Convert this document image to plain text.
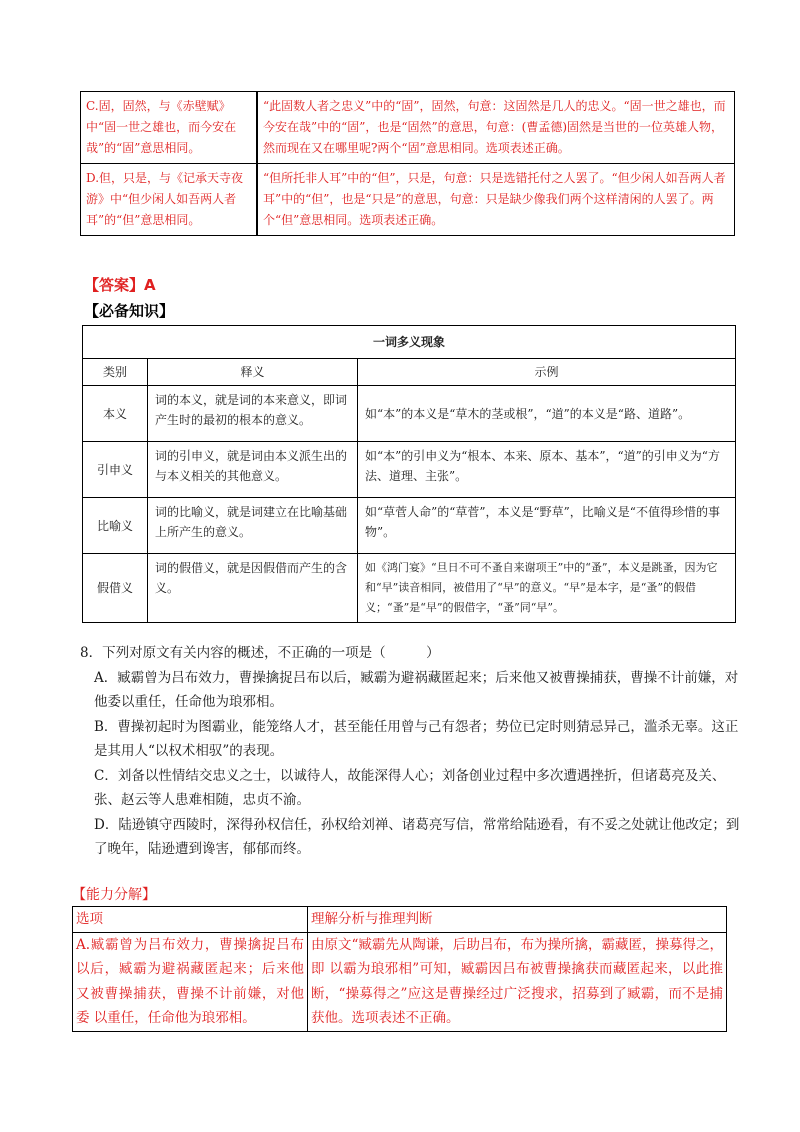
C.固，固然，与《赤壁赋》中“固一世之雄也，而今安在哉”的“固”意思相同。	“此固数人者之忠义”中的“固”，固然，句意：这固然是几人的忠义。“固一世之雄也，而今安在哉”中的“固”，也是“固然”的意思，句意：(曹孟德)固然是当世的一位英雄人物，然而现在又在哪里呢?两个“固”意思相同。选项表述正确。
D.但，只是，与《记承天寺夜游》中“但少闲人如吾两人者耳”的“但”意思相同。	“但所托非人耳”中的“但”，只是，句意：只是选错托付之人罢了。“但少闲人如吾两人者耳”中的“但”，也是“只是”的意思，句意：只是缺少像我们两个这样清闲的人罢了。两个“但”意思相同。选项表述正确。
【答案】A
【必备知识】
一词多义现象		
类别	释义	示例
本义	词的本义，就是词的本来意义，即词产生时的最初的根本的意义。	如“本”的本义是“草木的茎或根”，“道”的本义是“路、道路”。
引申义	词的引申义，就是词由本义派生出的与本义相关的其他意义。	如“本”的引申义为“根本、本来、原本、基本”，“道”的引申义为“方法、道理、主张”。
比喻义	词的比喻义，就是词建立在比喻基础上所产生的意义。	如“草菅人命”的“草菅”，本义是“野草”，比喻义是“不值得珍惜的事物”。
假借义	词的假借义，就是因假借而产生的含义。	如《鸿门宴》“旦日不可不蚤自来谢项王”中的“蚤”，本义是跳蚤，因为它和“早”读音相同，被借用了“早”的意义。“早”是本字，是“蚤”的假借义；“蚤”是“早”的假借字，“蚤”同“早”。
8．下列对原文有关内容的概述，不正确的一项是（　　　）
A．臧霸曾为吕布效力，曹操擒捉吕布以后，臧霸为避祸藏匿起来；后来他又被曹操捕获，曹操不计前嫌，对他委以重任，任命他为琅邪相。
B．曹操初起时为图霸业，能笼络人才，甚至能任用曾与己有怨者；势位已定时则猜忌异己，滥杀无辜。这正是其用人“以权术相驭”的表现。
C．刘备以性情结交忠义之士，以诚待人，故能深得人心；刘备创业过程中多次遭遇挫折，但诸葛亮及关、张、赵云等人患难相随，忠贞不渝。
D．陆逊镇守西陵时，深得孙权信任，孙权给刘禅、诸葛亮写信，常常给陆逊看，有不妥之处就让他改定；到了晚年，陆逊遭到谗害，郁郁而终。
【能力分解】
选项	理解分析与推理判断
A.臧霸曾为吕布效力，曹操擒捉吕布以后，臧霸为避祸藏匿起来；后来他又被曹操捕获，曹操不计前嫌，对他委 以重任，任命他为琅邪相。	由原文“臧霸先从陶谦，后助吕布，布为操所擒，霸藏匿，操募得之，即 以霸为琅邪相”可知，臧霸因吕布被曹操擒获而藏匿起来，以此推断，“操募得之”应这是曹操经过广泛搜求，招募到了臧霸，而不是捕获他。选项表述不正确。
